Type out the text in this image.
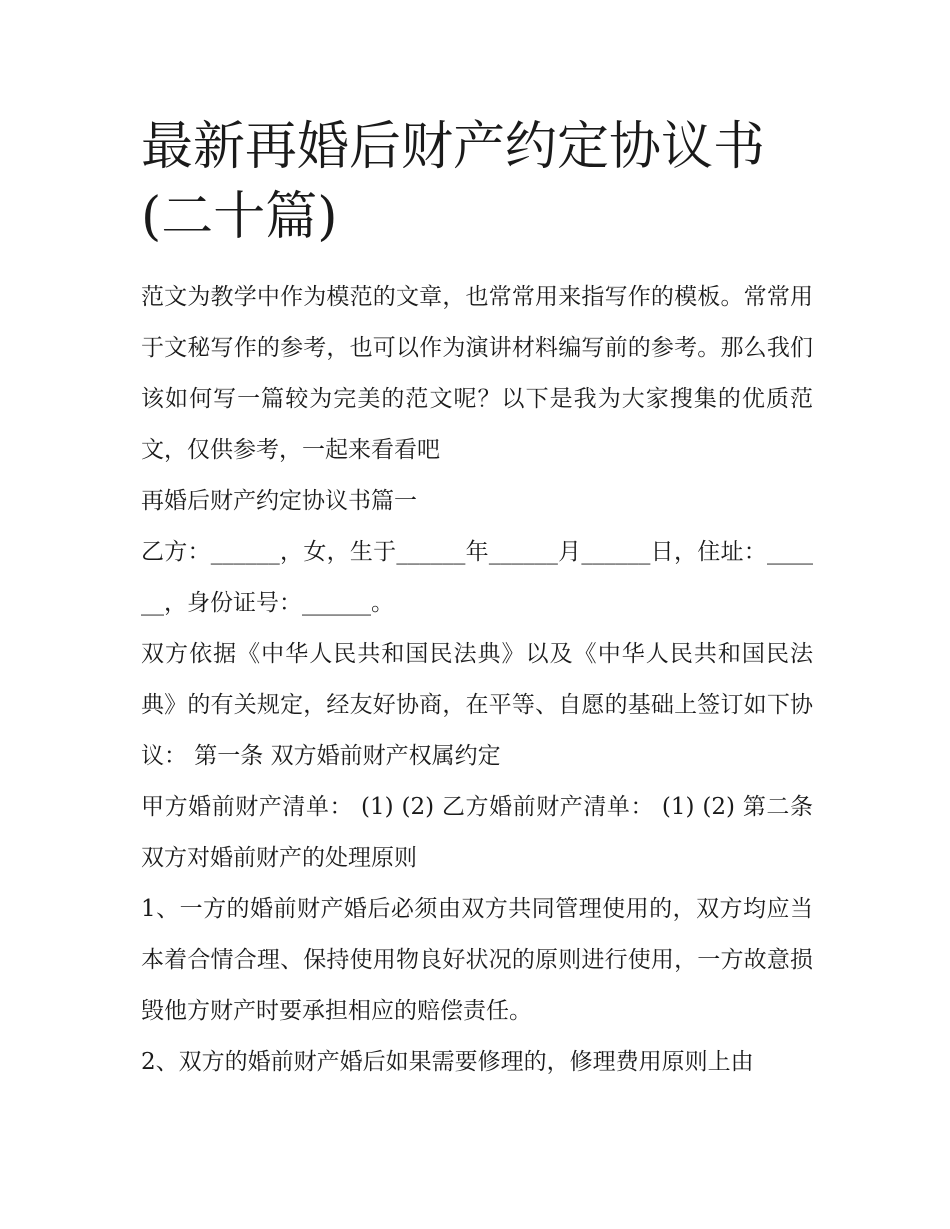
最新再婚后财产约定协议书(二十篇)

范文为教学中作为模范的文章，也常常用来指写作的模板。常常用于文秘写作的参考，也可以作为演讲材料编写前的参考。那么我们该如何写一篇较为完美的范文呢？以下是我为大家搜集的优质范文，仅供参考，一起来看看吧

再婚后财产约定协议书篇一

乙方：______，女，生于______年______月______日，住址：______，身份证号：______。

双方依据《中华人民共和国民法典》以及《中华人民共和国民法典》的有关规定，经友好协商，在平等、自愿的基础上签订如下协议： 第一条 双方婚前财产权属约定

甲方婚前财产清单： (1) (2) 乙方婚前财产清单： (1) (2) 第二条 双方对婚前财产的处理原则

1、一方的婚前财产婚后必须由双方共同管理使用的，双方均应当本着合情合理、保持使用物良好状况的原则进行使用，一方故意损毁他方财产时要承担相应的赔偿责任。

2、双方的婚前财产婚后如果需要修理的，修理费用原则上由
